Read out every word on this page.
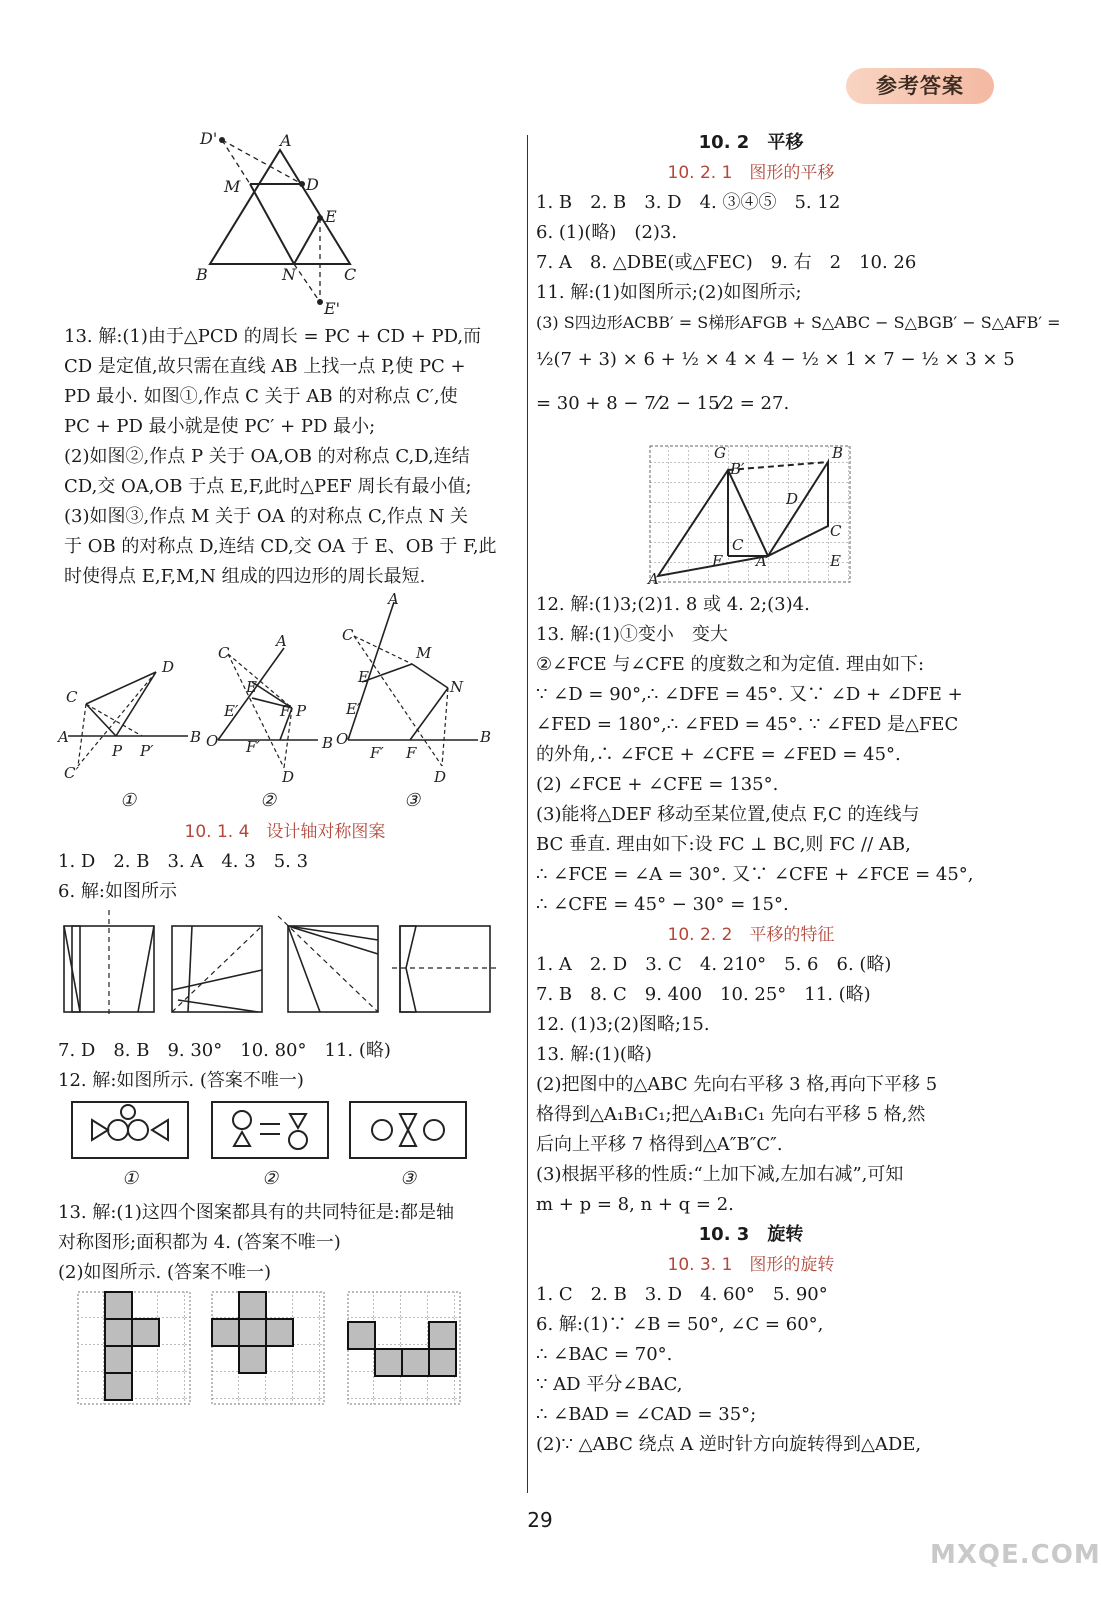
参考答案
D'	A
M	D
E
B	N	C
E'

13. 解:(1)由于△PCD 的周长 = PC + CD + PD,而

CD 是定值,故只需在直线 AB 上找一点 P,使 PC +

PD 最小. 如图①,作点 C 关于 AB 的对称点 C′,使

PC + PD 最小就是使 PC′ + PD 最小;

(2)如图②,作点 P 关于 OA,OB 的对称点 C,D,连结

CD,交 OA,OB 于点 E,F,此时△PEF 周长有最小值;

(3)如图③,作点 M 关于 OA 的对称点 C,作点 N 关

于 OB 的对称点 D,连结 CD,交 OA 于 E、OB 于 F,此

时使得点 E,F,M,N 组成的四边形的周长最短.

C
D
A	B
P P′
C′
C
A
E
E′	P
F
O	B
F′
D
C
A
M
N
E
E′
F
F′
O	B
D
①	②	③

10. 1. 4　设计轴对称图案

1. D　2. B　3. A　4. 3　5. 3

6. 解:如图所示

7. D　8. B　9. 30°　10. 80°　11. (略)

12. 解:如图所示. (答案不唯一)

①	②	③

13. 解:(1)这四个图案都具有的共同特征是:都是轴

对称图形;面积都为 4. (答案不唯一)

(2)如图所示. (答案不唯一)

10. 2　平移

10. 2. 1　图形的平移

1. B　2. B　3. D　4. ③④⑤　5. 12

6. (1)(略)　(2)3.

7. A　8. △DBE(或△FEC)　9. 右　2　10. 26

11. 解:(1)如图所示;(2)如图所示;

(3) S四边形ACBB′ = S梯形AFGB + S△ABC − S△BGB′ − S△AFB′ =

½(7 + 3) × 6 + ½ × 4 × 4 − ½ × 1 × 7 − ½ × 3 × 5

= 30 + 8 − 7⁄2 − 15⁄2 = 27.

G
B′
B
D
C
C
F A	E
A

12. 解:(1)3;(2)1. 8 或 4. 2;(3)4.

13. 解:(1)①变小　变大

②∠FCE 与∠CFE 的度数之和为定值. 理由如下:

∵ ∠D = 90°,∴ ∠DFE = 45°. 又∵ ∠D + ∠DFE +

∠FED = 180°,∴ ∠FED = 45°. ∵ ∠FED 是△FEC

的外角,∴ ∠FCE + ∠CFE = ∠FED = 45°.

(2) ∠FCE + ∠CFE = 135°.

(3)能将△DEF 移动至某位置,使点 F,C 的连线与

BC 垂直. 理由如下:设 FC ⊥ BC,则 FC // AB,

∴ ∠FCE = ∠A = 30°. 又∵ ∠CFE + ∠FCE = 45°,

∴ ∠CFE = 45° − 30° = 15°.

10. 2. 2　平移的特征

1. A　2. D　3. C　4. 210°　5. 6　6. (略)

7. B　8. C　9. 400　10. 25°　11. (略)

12. (1)3;(2)图略;15.

13. 解:(1)(略)

(2)把图中的△ABC 先向右平移 3 格,再向下平移 5

格得到△A₁B₁C₁;把△A₁B₁C₁ 先向右平移 5 格,然

后向上平移 7 格得到△A″B″C″.

(3)根据平移的性质:“上加下减,左加右减”,可知

m + p = 8, n + q = 2.

10. 3　旋转

10. 3. 1　图形的旋转

1. C　2. B　3. D　4. 60°　5. 90°

6. 解:(1)∵ ∠B = 50°, ∠C = 60°,

∴ ∠BAC = 70°.

∵ AD 平分∠BAC,

∴ ∠BAD = ∠CAD = 35°;

(2)∵ △ABC 绕点 A 逆时针方向旋转得到△ADE,

29
MXQE.COM
